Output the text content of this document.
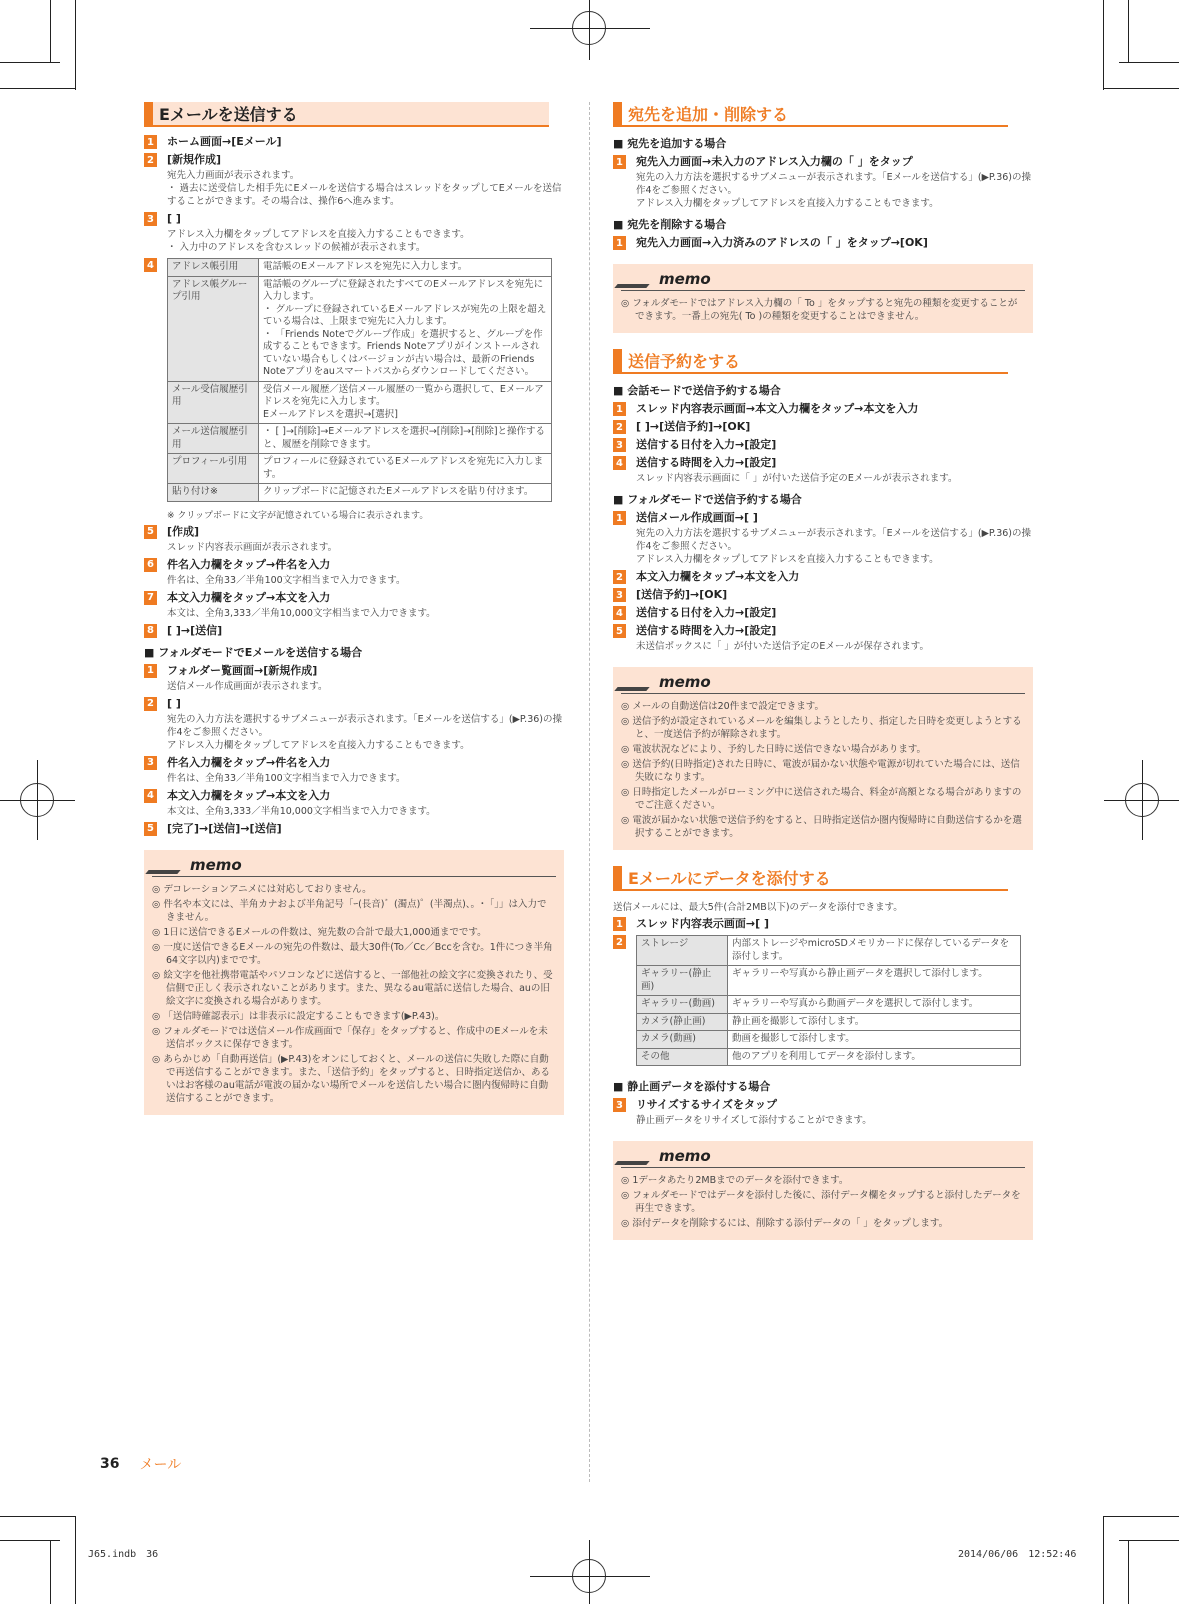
Eメールを送信する
1 ホーム画面→[Eメール]
2 [新規作成]
宛先入力画面が表示されます。
・ 過去に送受信した相手先にEメールを送信する場合はスレッドをタップしてEメールを送信することができます。その場合は、操作6へ進みます。
3 [ ]
アドレス入力欄をタップしてアドレスを直接入力することもできます。
・ 入力中のアドレスを含むスレッドの候補が表示されます。
4	アドレス帳引用	電話帳のEメールアドレスを宛先に入力します。
アドレス帳グループ引用	電話帳のグループに登録されたすべてのEメールアドレスを宛先に入力します。
・ グループに登録されているEメールアドレスが宛先の上限を超えている場合は、上限まで宛先に入力します。
・ 「Friends Noteでグループ作成」を選択すると、グループを作成することもできます。Friends Noteアプリがインストールされていない場合もしくはバージョンが古い場合は、最新のFriends Noteアプリをauスマートパスからダウンロードしてください。
メール受信履歴引用	受信メール履歴／送信メール履歴の一覧から選択して、Eメールアドレスを宛先に入力します。
Eメールアドレスを選択→[選択]
メール送信履歴引用	・ [ ]→[削除]→Eメールアドレスを選択→[削除]→[削除]と操作すると、履歴を削除できます。
プロフィール引用	プロフィールに登録されているEメールアドレスを宛先に入力します。
貼り付け※	クリップボードに記憶されたEメールアドレスを貼り付けます。
※ クリップボードに文字が記憶されている場合に表示されます。
5 [作成]
スレッド内容表示画面が表示されます。
6 件名入力欄をタップ→件名を入力
件名は、全角33／半角100文字相当まで入力できます。
7 本文入力欄をタップ→本文を入力
本文は、全角3,333／半角10,000文字相当まで入力できます。
8 [ ]→[送信]
■ フォルダモードでEメールを送信する場合
1 フォルダー覧画面→[新規作成]
送信メール作成画面が表示されます。
2 [ ]
宛先の入力方法を選択するサブメニューが表示されます。「Eメールを送信する」(▶P.36)の操作4をご参照ください。
アドレス入力欄をタップしてアドレスを直接入力することもできます。
3 件名入力欄をタップ→件名を入力
件名は、全角33／半角100文字相当まで入力できます。
4 本文入力欄をタップ→本文を入力
本文は、全角3,333／半角10,000文字相当まで入力できます。
5 [完了]→[送信]→[送信]
memo
◎ デコレーションアニメには対応しておりません。
◎ 件名や本文には、半角カナおよび半角記号「ｰ(長音)゛(濁点)゜(半濁点)、。･「」」は入力できません。
◎ 1日に送信できるEメールの件数は、宛先数の合計で最大1,000通までです。
◎ 一度に送信できるEメールの宛先の件数は、最大30件(To／Cc／Bccを含む。1件につき半角64文字以内)までです。
◎ 絵文字を他社携帯電話やパソコンなどに送信すると、一部他社の絵文字に変換されたり、受信側で正しく表示されないことがあります。また、異なるau電話に送信した場合、auの旧絵文字に変換される場合があります。
◎ 「送信時確認表示」は非表示に設定することもできます(▶P.43)。
◎ フォルダモードでは送信メール作成画面で「保存」をタップすると、作成中のEメールを未送信ボックスに保存できます。
◎ あらかじめ「自動再送信」(▶P.43)をオンにしておくと、メールの送信に失敗した際に自動で再送信することができます。また、「送信予約」をタップすると、日時指定送信か、あるいはお客様のau電話が電波の届かない場所でメールを送信したい場合に圏内復帰時に自動送信することができます。
宛先を追加・削除する
■ 宛先を追加する場合
1 宛先入力画面→未入力のアドレス入力欄の「 」をタップ
宛先の入力方法を選択するサブメニューが表示されます。「Eメールを送信する」(▶P.36)の操作4をご参照ください。
アドレス入力欄をタップしてアドレスを直接入力することもできます。
■ 宛先を削除する場合
1 宛先入力画面→入力済みのアドレスの「 」をタップ→[OK]
memo
◎ フォルダモードではアドレス入力欄の「 To 」をタップすると宛先の種類を変更することができます。一番上の宛先( To )の種類を変更することはできません。
送信予約をする
■ 会話モードで送信予約する場合
1 スレッド内容表示画面→本文入力欄をタップ→本文を入力
2 [ ]→[送信予約]→[OK]
3 送信する日付を入力→[設定]
4 送信する時間を入力→[設定]
スレッド内容表示画面に「 」が付いた送信予定のEメールが表示されます。
■ フォルダモードで送信予約する場合
1 送信メール作成画面→[ ]
宛先の入力方法を選択するサブメニューが表示されます。「Eメールを送信する」(▶P.36)の操作4をご参照ください。
アドレス入力欄をタップしてアドレスを直接入力することもできます。
2 本文入力欄をタップ→本文を入力
3 [送信予約]→[OK]
4 送信する日付を入力→[設定]
5 送信する時間を入力→[設定]
未送信ボックスに「 」が付いた送信予定のEメールが保存されます。
memo
◎ メールの自動送信は20件まで設定できます。
◎ 送信予約が設定されているメールを編集しようとしたり、指定した日時を変更しようとすると、一度送信予約が解除されます。
◎ 電波状況などにより、予約した日時に送信できない場合があります。
◎ 送信予約(日時指定)された日時に、電波が届かない状態や電源が切れていた場合には、送信失敗になります。
◎ 日時指定したメールがローミング中に送信された場合、料金が高額となる場合がありますのでご注意ください。
◎ 電波が届かない状態で送信予約をすると、日時指定送信か圏内復帰時に自動送信するかを選択することができます。
Eメールにデータを添付する
送信メールには、最大5件(合計2MB以下)のデータを添付できます。
1 スレッド内容表示画面→[ ]
2	ストレージ	内部ストレージやmicroSDメモリカードに保存しているデータを添付します。
ギャラリー(静止画)	ギャラリーや写真から静止画データを選択して添付します。
ギャラリー(動画)	ギャラリーや写真から動画データを選択して添付します。
カメラ(静止画)	静止画を撮影して添付します。
カメラ(動画)	動画を撮影して添付します。
その他	他のアプリを利用してデータを添付します。
■ 静止画データを添付する場合
3 リサイズするサイズをタップ
静止画データをリサイズして添付することができます。
memo
◎ 1データあたり2MBまでのデータを添付できます。
◎ フォルダモードではデータを添付した後に、添付データ欄をタップすると添付したデータを再生できます。
◎ 添付データを削除するには、削除する添付データの「 」をタップします。
36 メール
J65.indb　36	2014/06/06　12:52:46
